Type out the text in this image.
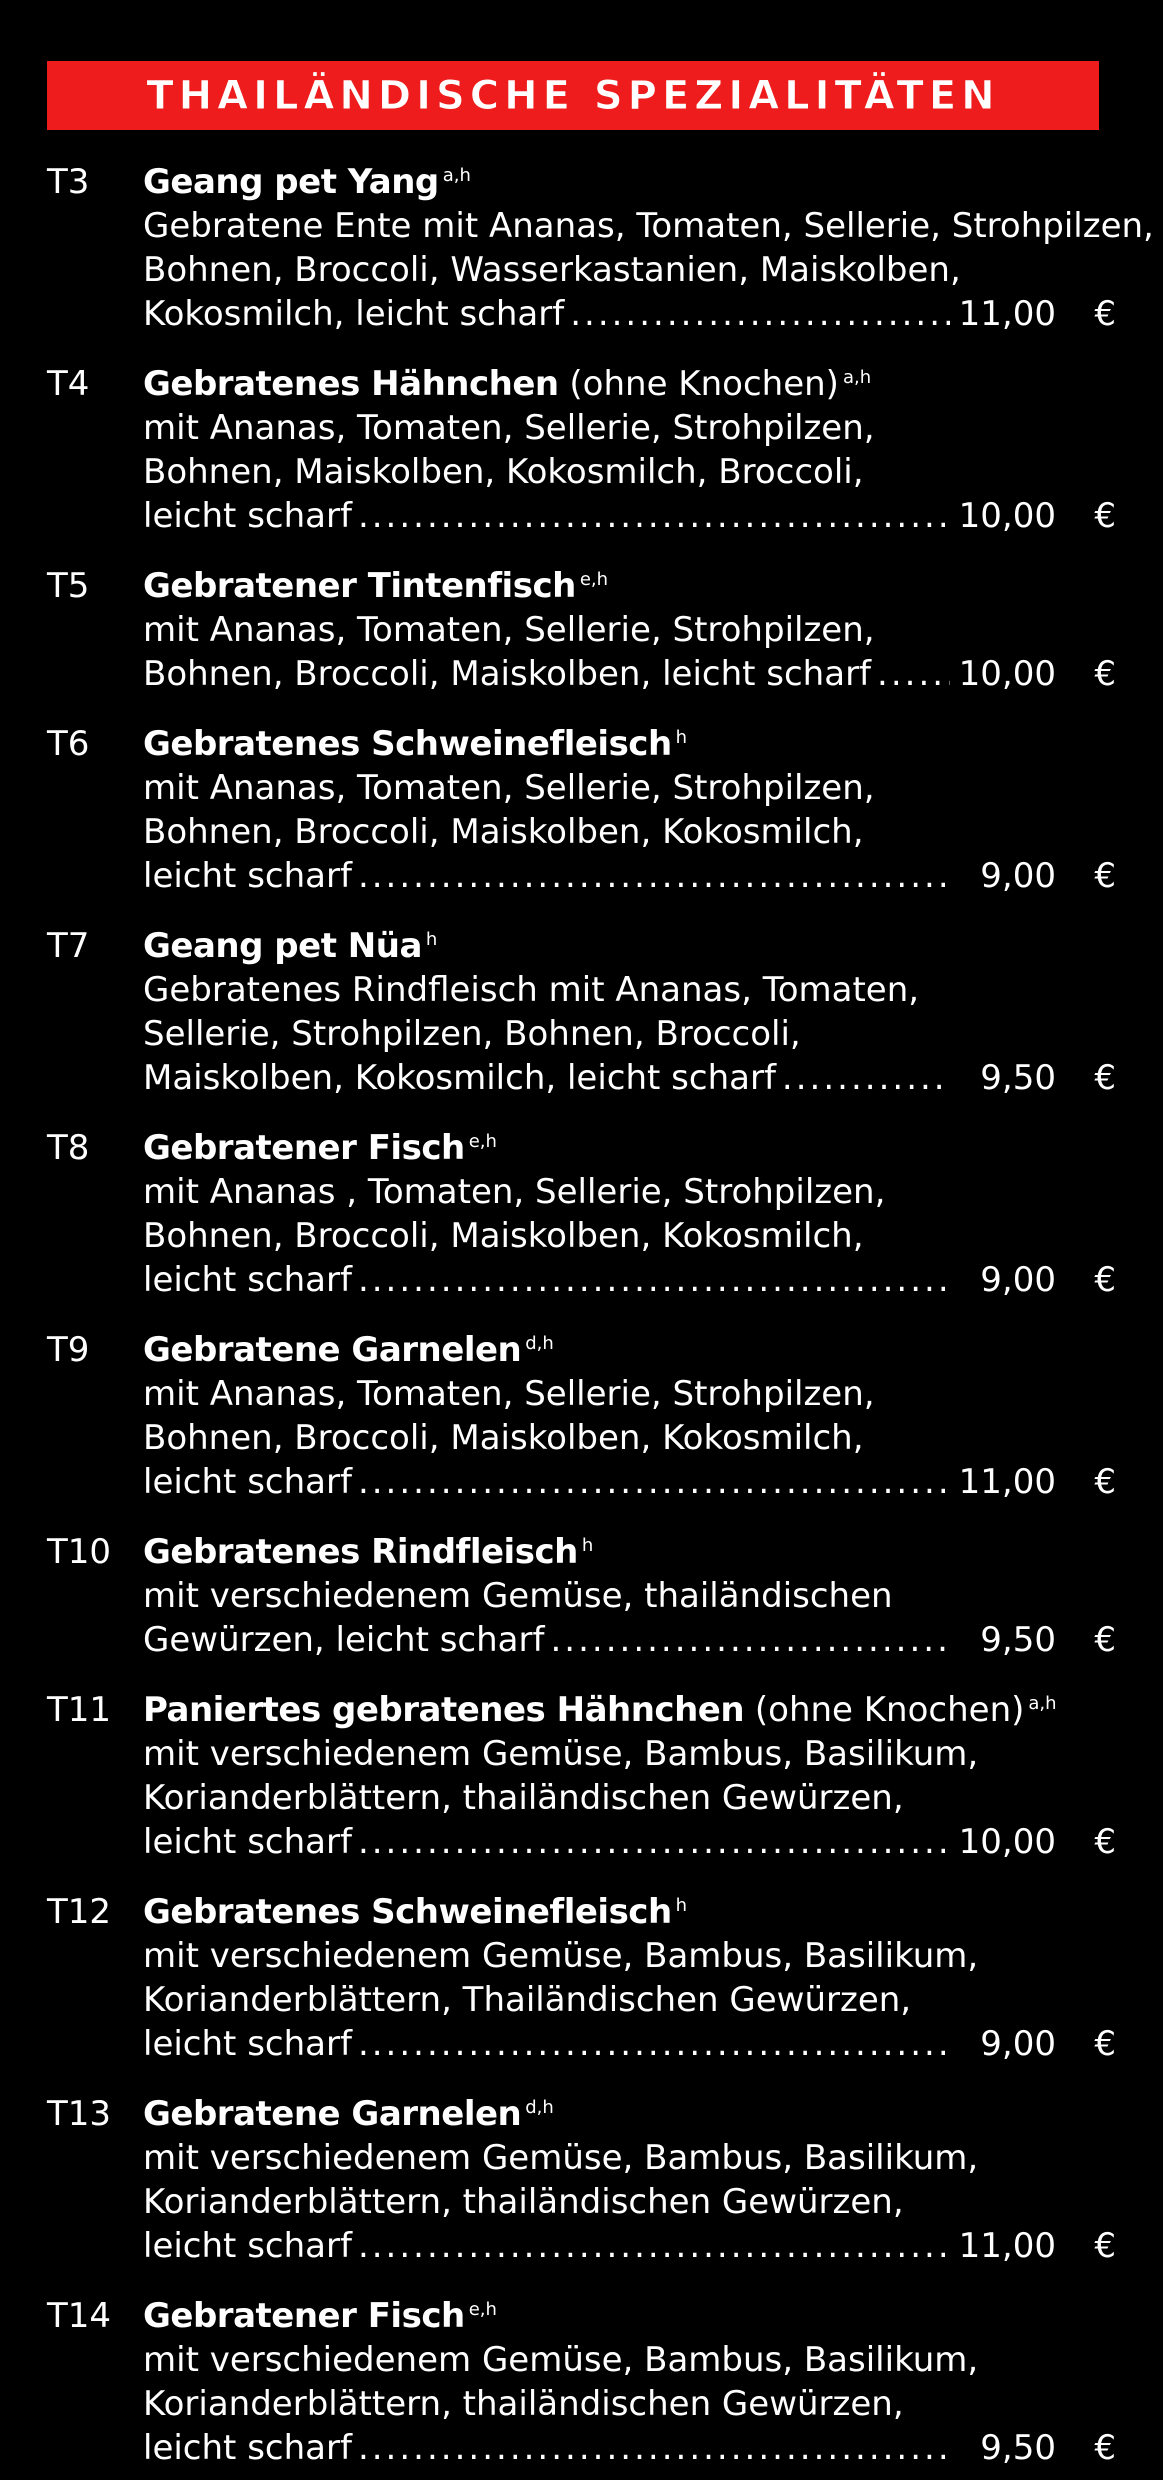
THAILÄNDISCHE SPEZIALITÄTEN
T3 Geang pet Yang $^{a,h}$
Gebratene Ente mit Ananas, Tomaten, Sellerie, Strohpilzen,
Bohnen, Broccoli, Wasserkastanien, Maiskolben,
Kokosmilch, leicht scharf .....	11,00	€
T4 Gebratenes Hähnchen (ohne Knochen) $^{a,h}$
mit Ananas, Tomaten, Sellerie, Strohpilzen,
Bohnen, Maiskolben, Kokosmilch, Broccoli,
leicht scharf .....	10,00	€
T5 Gebratener Tintenfisch $^{e,h}$
mit Ananas, Tomaten, Sellerie, Strohpilzen,
Bohnen, Broccoli, Maiskolben, leicht scharf .....	10,00	€
T6 Gebratenes Schweinefleisch $^h$
mit Ananas, Tomaten, Sellerie, Strohpilzen,
Bohnen, Broccoli, Maiskolben, Kokosmilch,
leicht scharf .....	9,00	€
T7 Geang pet Nüa $^h$
Gebratenes Rindfleisch mit Ananas, Tomaten,
Sellerie, Strohpilzen, Bohnen, Broccoli,
Maiskolben, Kokosmilch, leicht scharf .....	9,50	€
T8 Gebratener Fisch $^{e,h}$
mit Ananas , Tomaten, Sellerie, Strohpilzen,
Bohnen, Broccoli, Maiskolben, Kokosmilch,
leicht scharf .....	9,00	€
T9 Gebratene Garnelen $^{d,h}$
mit Ananas, Tomaten, Sellerie, Strohpilzen,
Bohnen, Broccoli, Maiskolben, Kokosmilch,
leicht scharf .....	11,00	€
T10 Gebratenes Rindfleisch $^h$
mit verschiedenem Gemüse, thailändischen
Gewürzen, leicht scharf .....	9,50	€
T11 Paniertes gebratenes Hähnchen (ohne Knochen) $^{a,h}$
mit verschiedenem Gemüse, Bambus, Basilikum,
Korianderblättern, thailändischen Gewürzen,
leicht scharf .....	10,00	€
T12 Gebratenes Schweinefleisch $^h$
mit verschiedenem Gemüse, Bambus, Basilikum,
Korianderblättern, Thailändischen Gewürzen,
leicht scharf .....	9,00	€
T13 Gebratene Garnelen $^{d,h}$
mit verschiedenem Gemüse, Bambus, Basilikum,
Korianderblättern, thailändischen Gewürzen,
leicht scharf .....	11,00	€
T14 Gebratener Fisch $^{e,h}$
mit verschiedenem Gemüse, Bambus, Basilikum,
Korianderblättern, thailändischen Gewürzen,
leicht scharf .....	9,50	€
